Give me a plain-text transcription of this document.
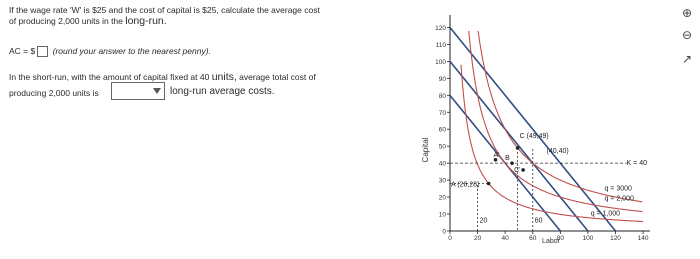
If the wage rate 'W' is $25 and the cost of capital is $25, calculate the average cost
of producing 2,000 units in the long-run.
AC = $ (round your answer to the nearest penny).
In the short-run, with the amount of capital fixed at 40 units, average total cost of
producing 2,000 units is	long-run average costs.
Capital
Labor
0
10
20
30
40
50
60
70
80
90
100
110
120
0	20	40	60	80	100	120	140
A (28,28)
A' B
C (49,49)
C'
(40,40)
20	60
K = 40
q = 3000
q = 2,000
q = 1,000
⊕
⊖
↗
